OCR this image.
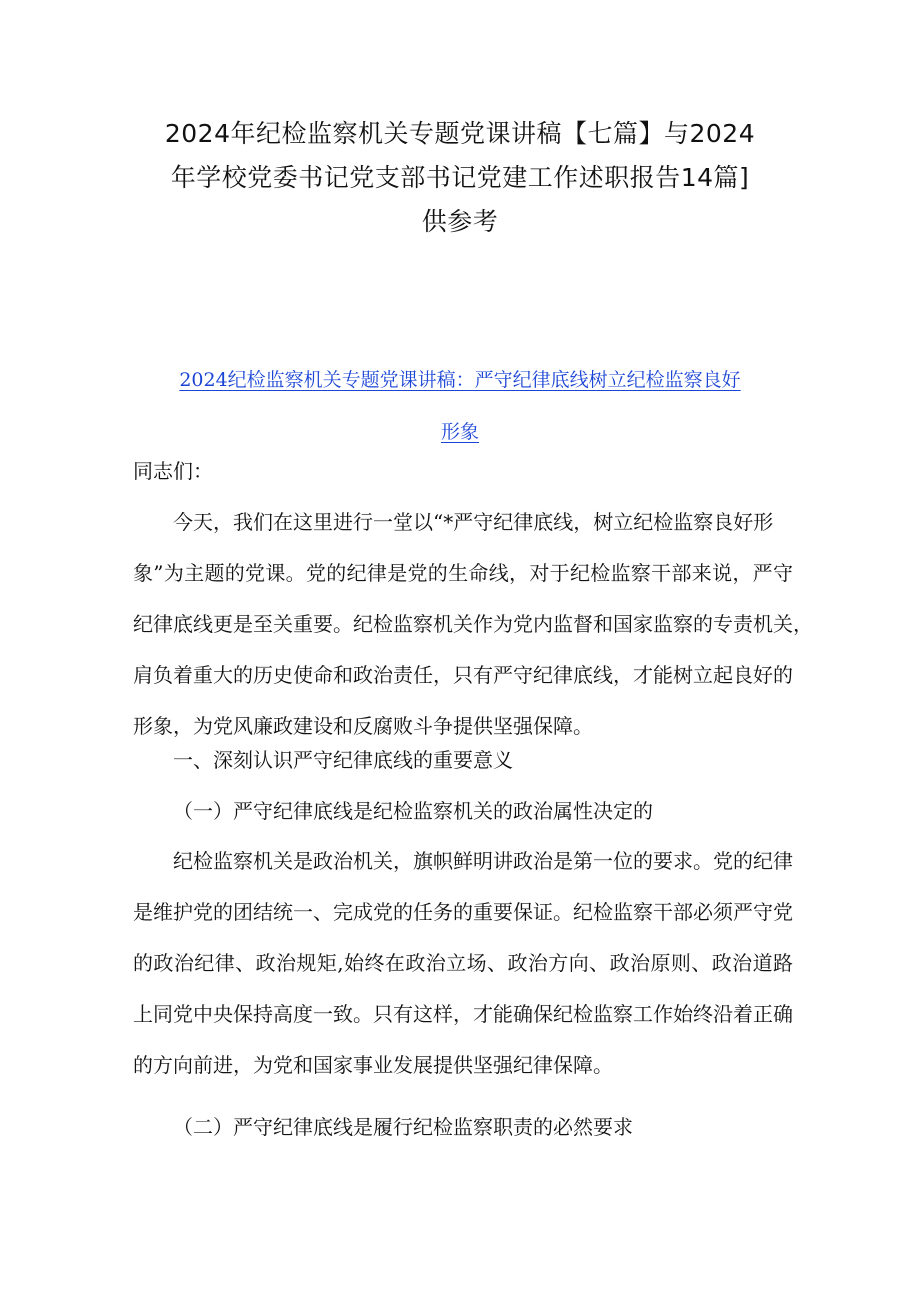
2024年纪检监察机关专题党课讲稿【七篇】与2024
年学校党委书记党支部书记党建工作述职报告14篇]
供参考
2024纪检监察机关专题党课讲稿：严守纪律底线树立纪检监察良好
形象
同志们：
今天，我们在这里进行一堂以“*严守纪律底线，树立纪检监察良好形
象”为主题的党课。党的纪律是党的生命线，对于纪检监察干部来说，严守
纪律底线更是至关重要。纪检监察机关作为党内监督和国家监察的专责机关，
肩负着重大的历史使命和政治责任，只有严守纪律底线，才能树立起良好的
形象，为党风廉政建设和反腐败斗争提供坚强保障。
一、深刻认识严守纪律底线的重要意义
（一）严守纪律底线是纪检监察机关的政治属性决定的
纪检监察机关是政治机关，旗帜鲜明讲政治是第一位的要求。党的纪律
是维护党的团结统一、完成党的任务的重要保证。纪检监察干部必须严守党
的政治纪律、政治规矩,始终在政治立场、政治方向、政治原则、政治道路
上同党中央保持高度一致。只有这样，才能确保纪检监察工作始终沿着正确
的方向前进，为党和国家事业发展提供坚强纪律保障。
（二）严守纪律底线是履行纪检监察职责的必然要求
